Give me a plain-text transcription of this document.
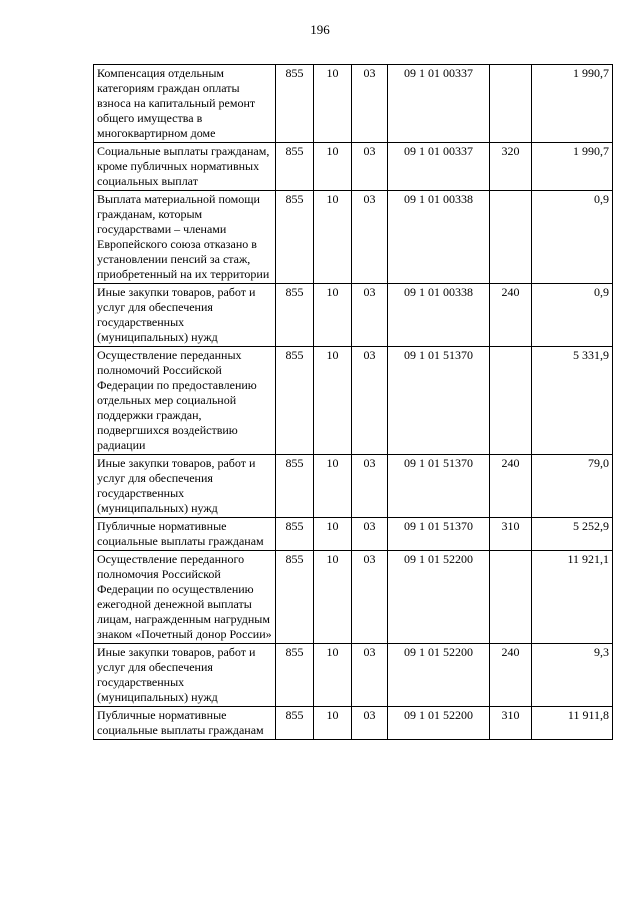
196
Компенсация отдельным категориям граждан оплаты взноса на капитальный ремонт общего имущества в многоквартирном доме	855	10	03	09 1 01 00337		1 990,7
Социальные выплаты гражданам, кроме публичных нормативных социальных выплат	855	10	03	09 1 01 00337	320	1 990,7
Выплата материальной помощи гражданам, которым государствами – членами Европейского союза отказано в установлении пенсий за стаж, приобретенный на их территории	855	10	03	09 1 01 00338		0,9
Иные закупки товаров, работ и услуг для обеспечения государственных (муниципальных) нужд	855	10	03	09 1 01 00338	240	0,9
Осуществление переданных полномочий Российской Федерации по предоставлению отдельных мер социальной поддержки граждан, подвергшихся воздействию радиации	855	10	03	09 1 01 51370		5 331,9
Иные закупки товаров, работ и услуг для обеспечения государственных (муниципальных) нужд	855	10	03	09 1 01 51370	240	79,0
Публичные нормативные социальные выплаты гражданам	855	10	03	09 1 01 51370	310	5 252,9
Осуществление переданного полномочия Российской Федерации по осуществлению ежегодной денежной выплаты лицам, награжденным нагрудным знаком «Почетный донор России»	855	10	03	09 1 01 52200		11 921,1
Иные закупки товаров, работ и услуг для обеспечения государственных (муниципальных) нужд	855	10	03	09 1 01 52200	240	9,3
Публичные нормативные социальные выплаты гражданам	855	10	03	09 1 01 52200	310	11 911,8
